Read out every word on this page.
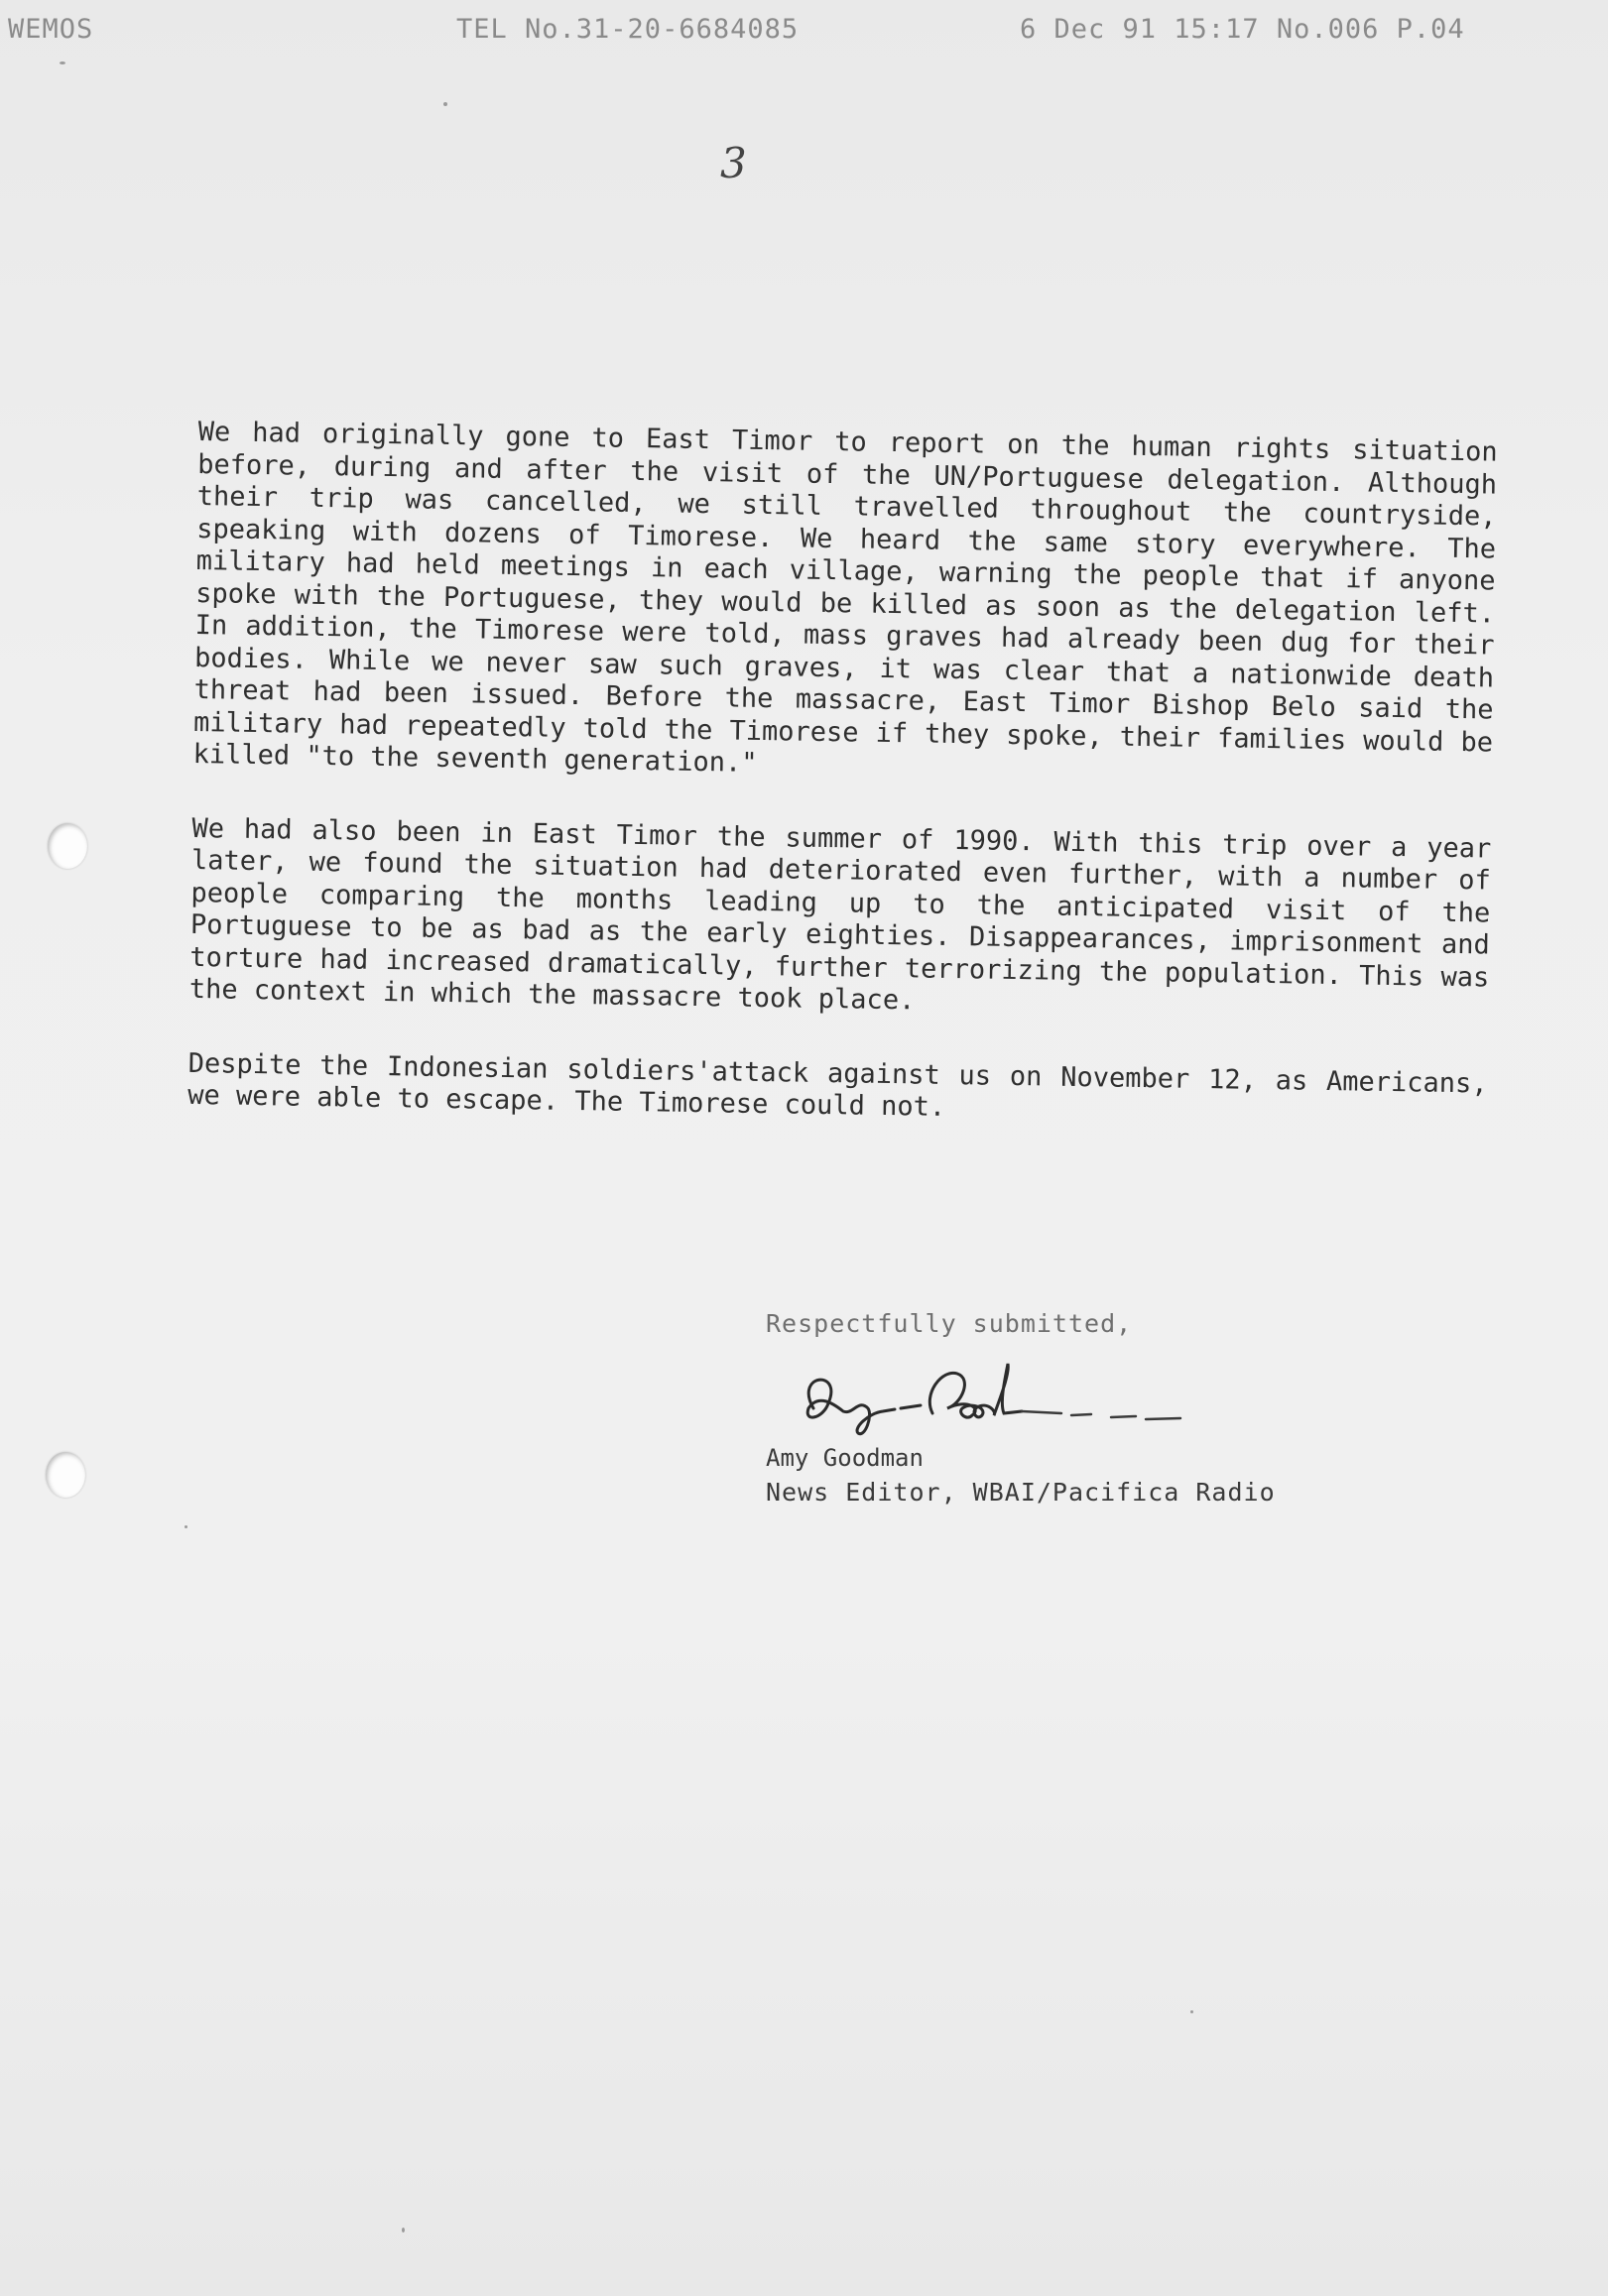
WEMOS	TEL No.31-20-6684085	6 Dec 91 15:17 No.006 P.04
3

We had originally gone to East Timor to report on the human rights situation before, during and after the visit of the UN/Portuguese delegation. Although their trip was cancelled, we still travelled throughout the countryside, speaking with dozens of Timorese. We heard the same story everywhere. The military had held meetings in each village, warning the people that if anyone spoke with the Portuguese, they would be killed as soon as the delegation left. In addition, the Timorese were told, mass graves had already been dug for their bodies. While we never saw such graves, it was clear that a nationwide death threat had been issued. Before the massacre, East Timor Bishop Belo said the military had repeatedly told the Timorese if they spoke, their families would be killed "to the seventh generation."

We had also been in East Timor the summer of 1990. With this trip over a year later, we found the situation had deteriorated even further, with a number of people comparing the months leading up to the anticipated visit of the Portuguese to be as bad as the early eighties. Disappearances, imprisonment and torture had increased dramatically, further terrorizing the population. This was the context in which the massacre took place.

Despite the Indonesian soldiers'attack against us on November 12, as Americans, we were able to escape. The Timorese could not.

Respectfully submitted,
Amy Goodman
News Editor, WBAI/Pacifica Radio
